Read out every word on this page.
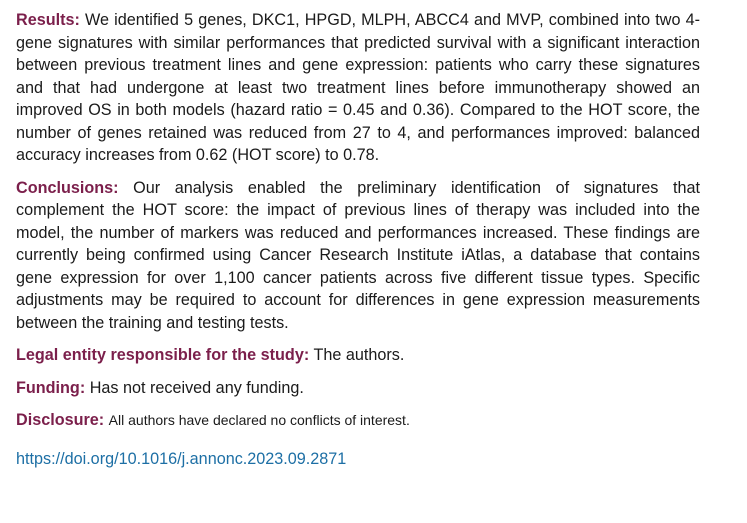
Results: We identified 5 genes, DKC1, HPGD, MLPH, ABCC4 and MVP, combined into two 4-gene signatures with similar performances that predicted survival with a significant interaction between previous treatment lines and gene expression: patients who carry these signatures and that had undergone at least two treatment lines before immunotherapy showed an improved OS in both models (hazard ratio = 0.45 and 0.36). Compared to the HOT score, the number of genes retained was reduced from 27 to 4, and performances improved: balanced accuracy increases from 0.62 (HOT score) to 0.78.

Conclusions: Our analysis enabled the preliminary identification of signatures that complement the HOT score: the impact of previous lines of therapy was included into the model, the number of markers was reduced and performances increased. These findings are currently being confirmed using Cancer Research Institute iAtlas, a database that contains gene expression for over 1,100 cancer patients across five different tissue types. Specific adjustments may be required to account for differences in gene expression measurements between the training and testing tests.

Legal entity responsible for the study: The authors.

Funding: Has not received any funding.

Disclosure: All authors have declared no conflicts of interest.

https://doi.org/10.1016/j.annonc.2023.09.2871
